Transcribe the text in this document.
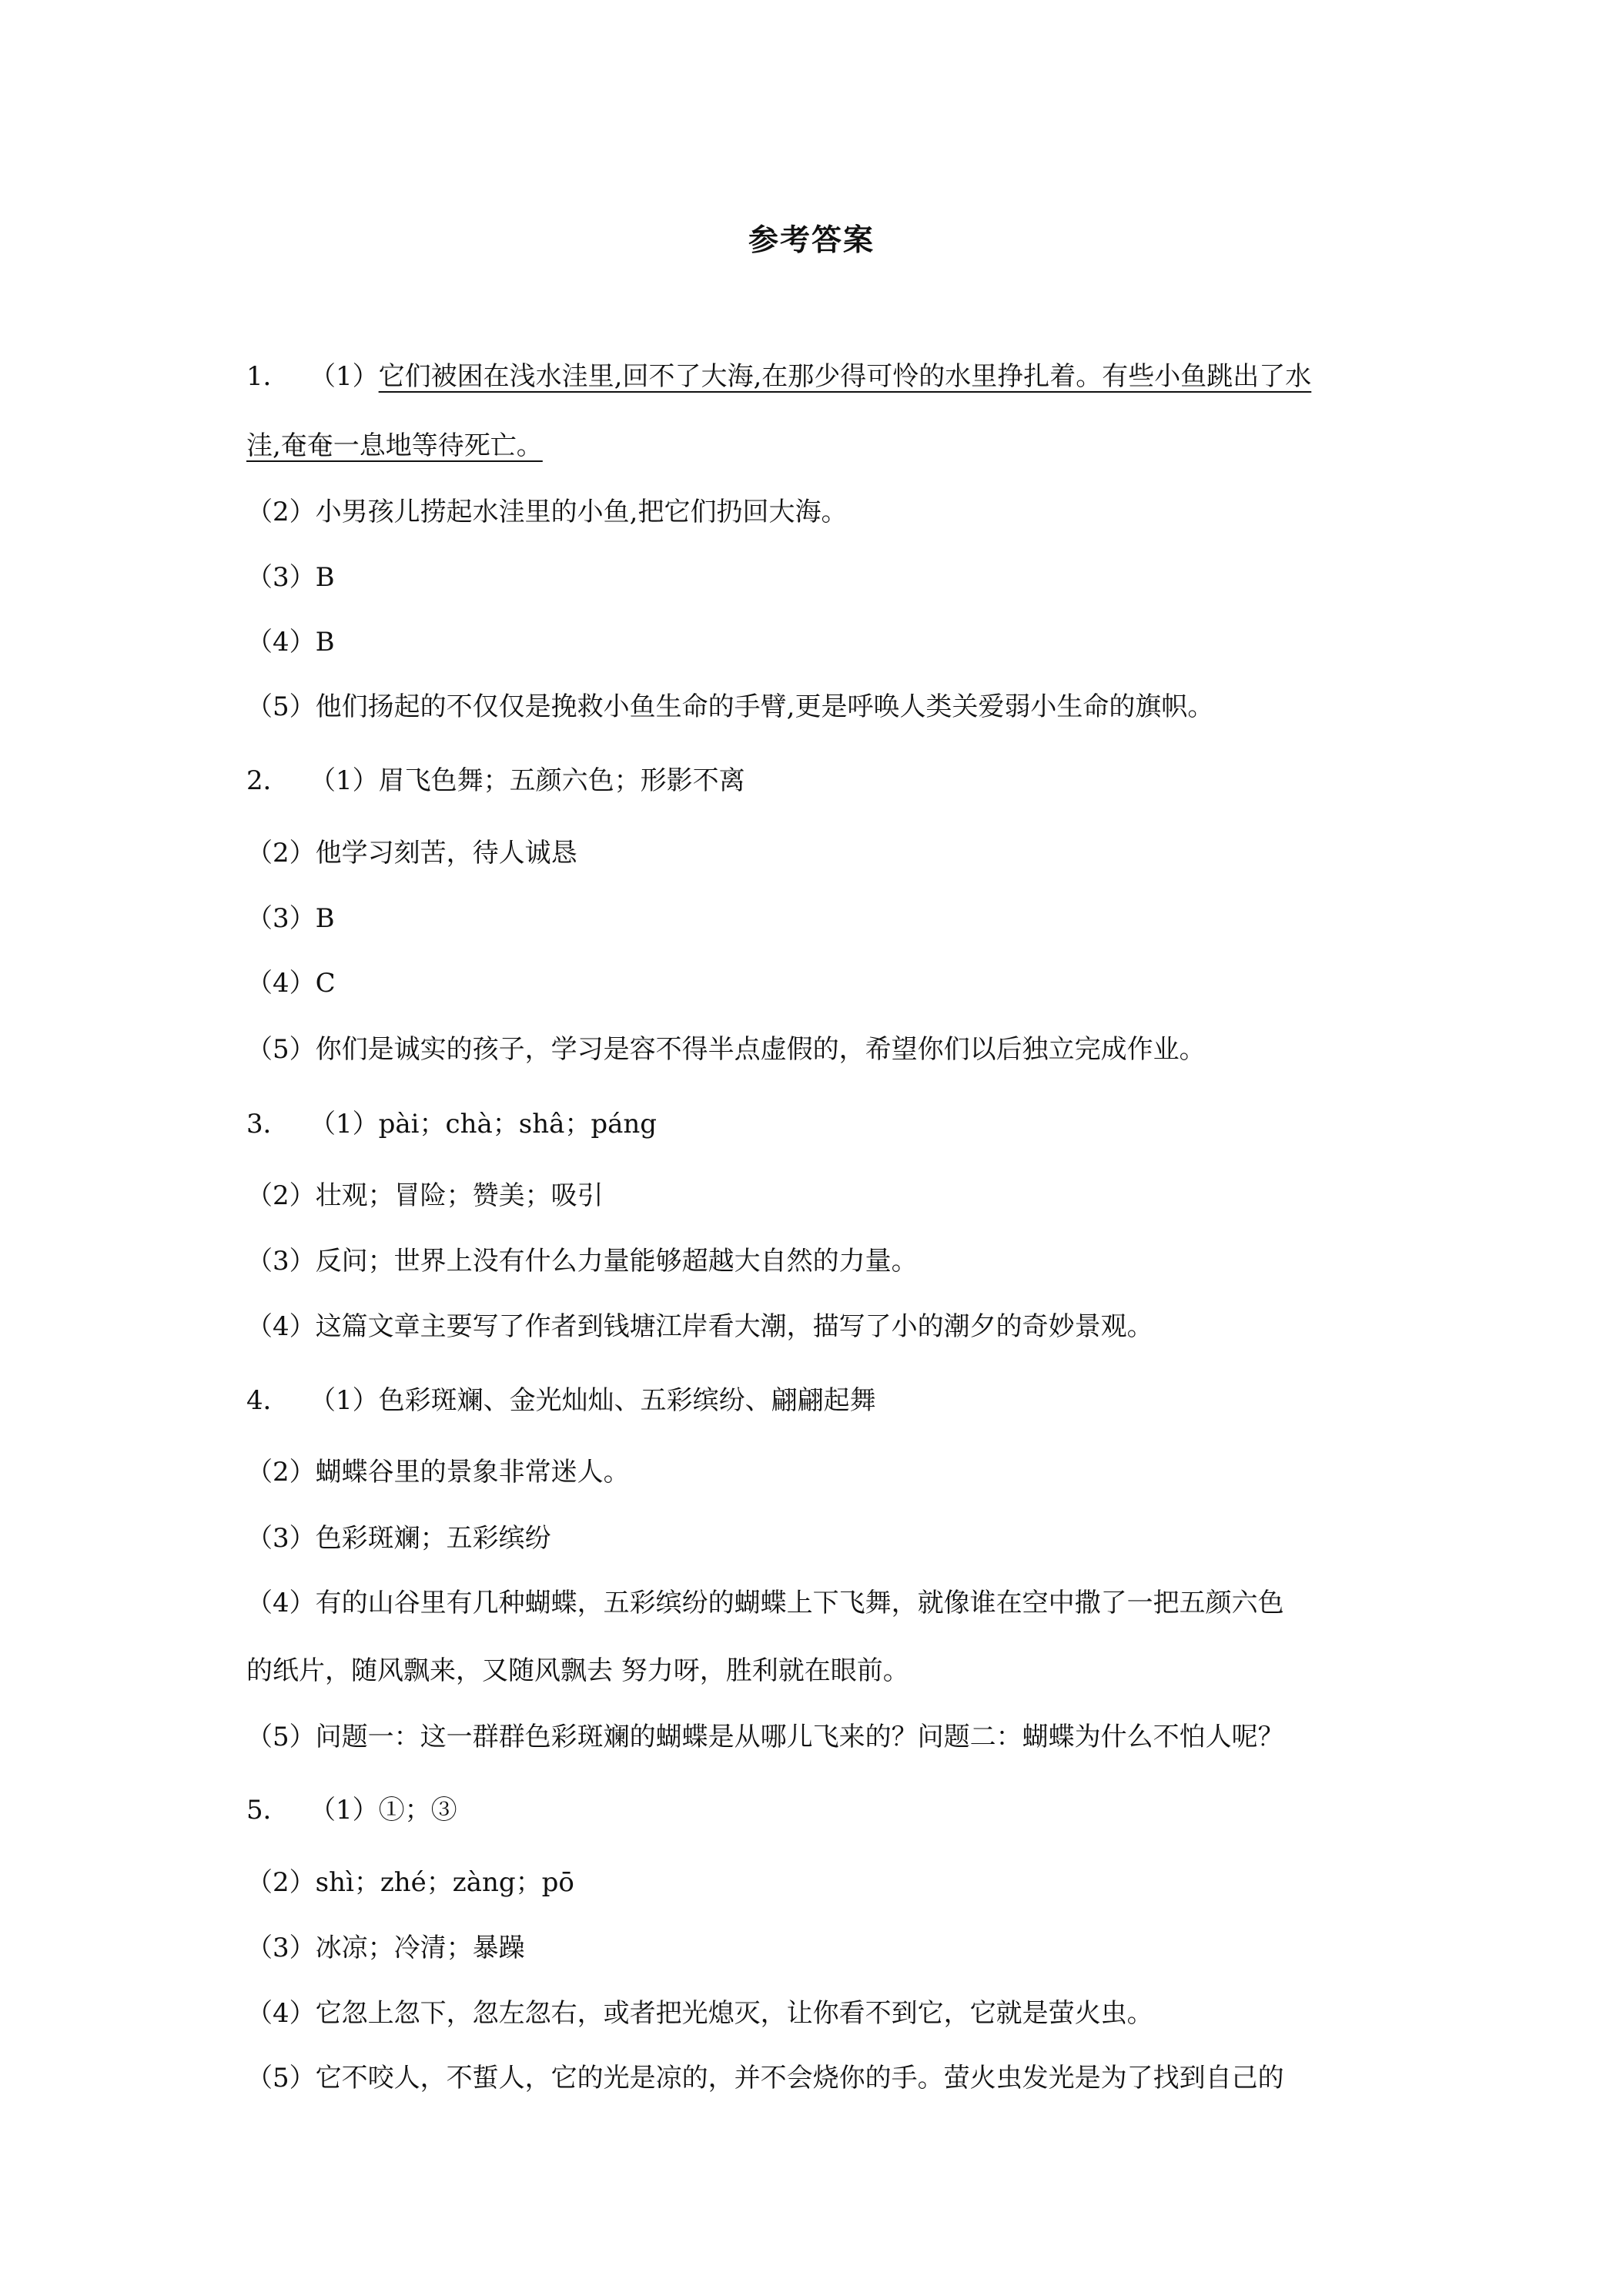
参考答案
1． （1）它们被困在浅水洼里,回不了大海,在那少得可怜的水里挣扎着。有些小鱼跳出了水
洼,奄奄一息地等待死亡。
（2）小男孩儿捞起水洼里的小鱼,把它们扔回大海。
（3）B
（4）B
（5）他们扬起的不仅仅是挽救小鱼生命的手臂,更是呼唤人类关爱弱小生命的旗帜。
2． （1）眉飞色舞；五颜六色；形影不离
（2）他学习刻苦，待人诚恳
（3）B
（4）C
（5）你们是诚实的孩子，学习是容不得半点虚假的，希望你们以后独立完成作业。
3． （1）pài；chà；shâ；páng
（2）壮观；冒险；赞美；吸引
（3）反问；世界上没有什么力量能够超越大自然的力量。
（4）这篇文章主要写了作者到钱塘江岸看大潮，描写了小的潮夕的奇妙景观。
4． （1）色彩斑斓、金光灿灿、五彩缤纷、翩翩起舞
（2）蝴蝶谷里的景象非常迷人。
（3）色彩斑斓；五彩缤纷
（4）有的山谷里有几种蝴蝶，五彩缤纷的蝴蝶上下飞舞，就像谁在空中撒了一把五颜六色
的纸片，随风飘来，又随风飘去 努力呀，胜利就在眼前。
（5）问题一：这一群群色彩斑斓的蝴蝶是从哪儿飞来的？问题二：蝴蝶为什么不怕人呢？
5． （1）①；③
（2）shì；zhé；zàng；pō
（3）冰凉；冷清；暴躁
（4）它忽上忽下，忽左忽右，或者把光熄灭，让你看不到它，它就是萤火虫。
（5）它不咬人，不蜇人，它的光是凉的，并不会烧你的手。萤火虫发光是为了找到自己的
